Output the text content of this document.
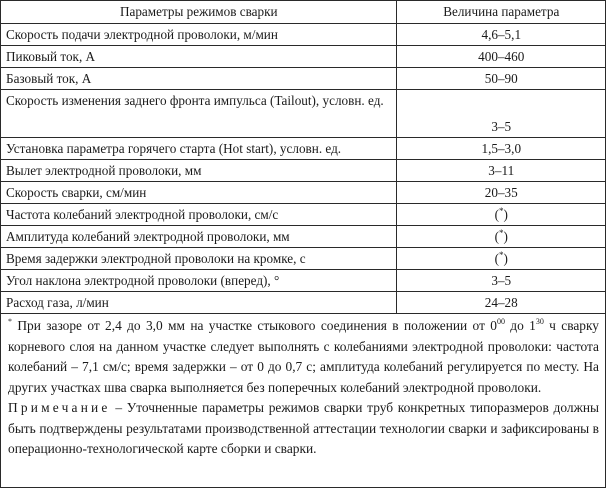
Параметры режимов сварки	Величина параметра
Скорость подачи электродной проволоки, м/мин	4,6–5,1
Пиковый ток, А	400–460
Базовый ток, А	50–90
Скорость изменения заднего фронта импульса (Tailout), условн. ед.	3–5
Установка параметра горячего старта (Hot start), условн. ед.	1,5–3,0
Вылет электродной проволоки, мм	3–11
Скорость сварки, см/мин	20–35
Частота колебаний электродной проволоки, см/с	(*)
Амплитуда колебаний электродной проволоки, мм	(*)
Время задержки электродной проволоки на кромке, с	(*)
Угол наклона электродной проволоки (вперед), °	3–5
Расход газа, л/мин	24–28

* При зазоре от 2,4 до 3,0 мм на участке стыкового соединения в положении от $0^{00}$ до $1^{30}$ ч сварку корневого слоя на данном участке следует выполнять с колебаниями электродной проволоки: частота колебаний – 7,1 см/с; время задержки – от 0 до 0,7 с; амплитуда колебаний регулируется по месту. На других участках шва сварка выполняется без поперечных колебаний электродной проволоки.

Примечание – Уточненные параметры режимов сварки труб конкретных типоразмеров должны быть подтверждены результатами производственной аттестации технологии сварки и зафиксированы в операционно-технологической карте сборки и сварки.
